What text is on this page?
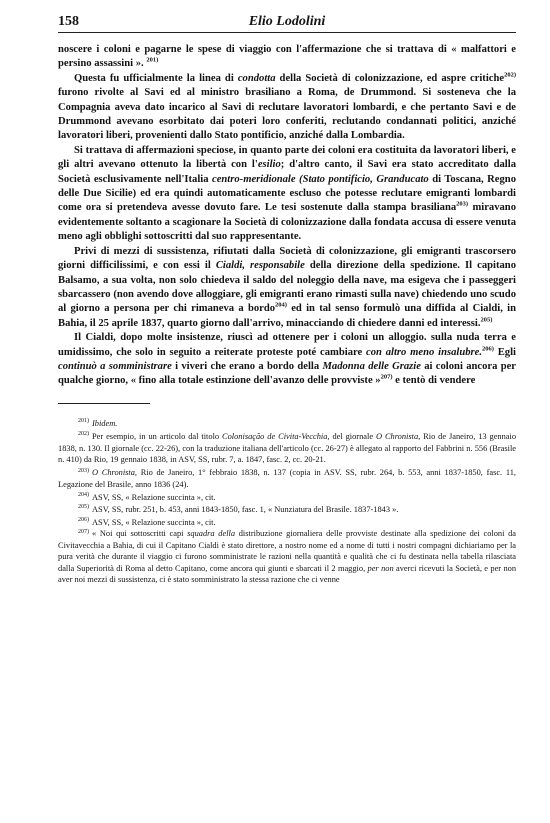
158	Elio Lodolini

noscere i coloni e pagarne le spese di viaggio con l'affermazione che si trattava di « malfattori e persino assassini ». $^{201)}$

Questa fu ufficialmente la linea di condotta della Società di colonizzazione, ed aspre critiche$^{202)}$ furono rivolte al Savi ed al ministro brasiliano a Roma, de Drummond. Si sosteneva che la Compagnia aveva dato incarico al Savi di reclutare lavoratori lombardi, e che pertanto Savi e de Drummond avevano esorbitato dai poteri loro conferiti, reclutando condannati politici, anziché lavoratori liberi, provenienti dallo Stato pontificio, anziché dalla Lombardia.

Si trattava di affermazioni speciose, in quanto parte dei coloni era costituita da lavoratori liberi, e gli altri avevano ottenuto la libertà con l'esilio; d'altro canto, il Savi era stato accreditato dalla Società esclusivamente nell'Italia centro-meridionale (Stato pontificio, Granducato di Toscana, Regno delle Due Sicilie) ed era quindi automaticamente escluso che potesse reclutare emigranti lombardi come ora si pretendeva avesse dovuto fare. Le tesi sostenute dalla stampa brasiliana$^{203)}$ miravano evidentemente soltanto a scagionare la Società di colonizzazione dalla fondata accusa di essere venuta meno agli obblighi sottoscritti dal suo rappresentante.

Privi di mezzi di sussistenza, rifiutati dalla Società di colonizzazione, gli emigranti trascorsero giorni difficilissimi, e con essi il Cialdi, responsabile della direzione della spedizione. Il capitano Balsamo, a sua volta, non solo chiedeva il saldo del noleggio della nave, ma esigeva che i passeggeri sbarcassero (non avendo dove alloggiare, gli emigranti erano rimasti sulla nave) chiedendo uno scudo al giorno a persona per chi rimaneva a bordo$^{204)}$ ed in tal senso formulò una diffida al Cialdi, in Bahia, il 25 aprile 1837, quarto giorno dall'arrivo, minacciando di chiedere danni ed interessi.$^{205)}$

Il Cialdi, dopo molte insistenze, riuscì ad ottenere per i coloni un alloggio. sulla nuda terra e umidissimo, che solo in seguito a reiterate proteste poté cambiare con altro meno insalubre.$^{206)}$ Egli continuò a somministrare i viveri che erano a bordo della Madonna delle Grazie ai coloni ancora per qualche giorno, « fino alla totale estinzione dell'avanzo delle provviste »$^{207)}$ e tentò di vendere

$^{201)}$ Ibidem.

$^{202)}$ Per esempio, in un articolo dal titolo Colonisação de Civita-Vecchia, del giornale O Chronista, Rio de Janeiro, 13 gennaio 1838, n. 130. Il giornale (cc. 22-26), con la traduzione italiana dell'articolo (cc. 26-27) è allegato al rapporto del Fabbrini n. 556 (Brasile n. 410) da Rio, 19 gennaio 1838, in ASV, SS, rubr. 7, a. 1847, fasc. 2, cc. 20-21.

$^{203)}$ O Chronista, Rio de Janeiro, 1° febbraio 1838, n. 137 (copia in ASV. SS, rubr. 264, b. 553, anni 1837-1850, fasc. 11, Legazione del Brasile, anno 1836 (24).

$^{204)}$ ASV, SS, « Relazione succinta », cit.

$^{205)}$ ASV, SS, rubr. 251, b. 453, anni 1843-1850, fasc. 1, « Nunziatura del Brasile. 1837-1843 ».

$^{206)}$ ASV, SS, « Relazione succinta », cit.

$^{207)}$ « Noi qui sottoscritti capi squadra della distribuzione giornaliera delle provviste destinate alla spedizione dei coloni da Civitavecchia a Bahia, di cui il Capitano Cialdi è stato direttore, a nostro nome ed a nome di tutti i nostri compagni dichiariamo per la pura verità che durante il viaggio ci furono somministrate le razioni nella quantità e qualità che ci fu destinata nella tabella rilasciata dalla Superiorità di Roma al detto Capitano, come ancora qui giunti e sbarcati il 2 maggio, per non averci ricevuti la Società, e per non aver noi mezzi di sussistenza, ci è stato somministrato la stessa razione che ci venne
